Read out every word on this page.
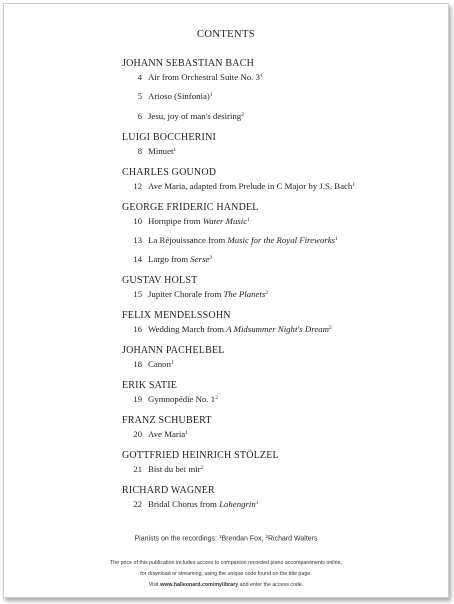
CONTENTS
JOHANN SEBASTIAN BACH
4 Air from Orchestral Suite No. $3^1$
5 Arioso (Sinfonia)$^1$
6 Jesu, joy of man's desiring$^2$
LUIGI BOCCHERINI
8 Minuet$^1$
CHARLES GOUNOD
12 Ave Maria, adapted from Prelude in C Major by J.S. Bach$^1$
GEORGE FRIDERIC HANDEL
10 Hornpipe from Water Music$^1$
13 La Réjouissance from Music for the Royal Fireworks$^1$
14 Largo from Serse$^2$
GUSTAV HOLST
15 Jupiter Chorale from The Planets$^2$
FELIX MENDELSSOHN
16 Wedding March from A Midsummer Night's Dream$^2$
JOHANN PACHELBEL
18 Canon$^1$
ERIK SATIE
19 Gymnopédie No. $1^2$
FRANZ SCHUBERT
20 Ave Maria$^1$
GOTTFRIED HEINRICH STÖLZEL
21 Bist du bei mir$^2$
RICHARD WAGNER
22 Bridal Chorus from Lohengrin$^1$
Pianists on the recordings: $^1$Brendan Fox, $^2$Richard Walters
The price of this publication includes access to companion recorded piano accompaniments online,
for download or streaming, using the unique code found on the title page.
Visit www.halleonard.com/mylibrary and enter the access code.
